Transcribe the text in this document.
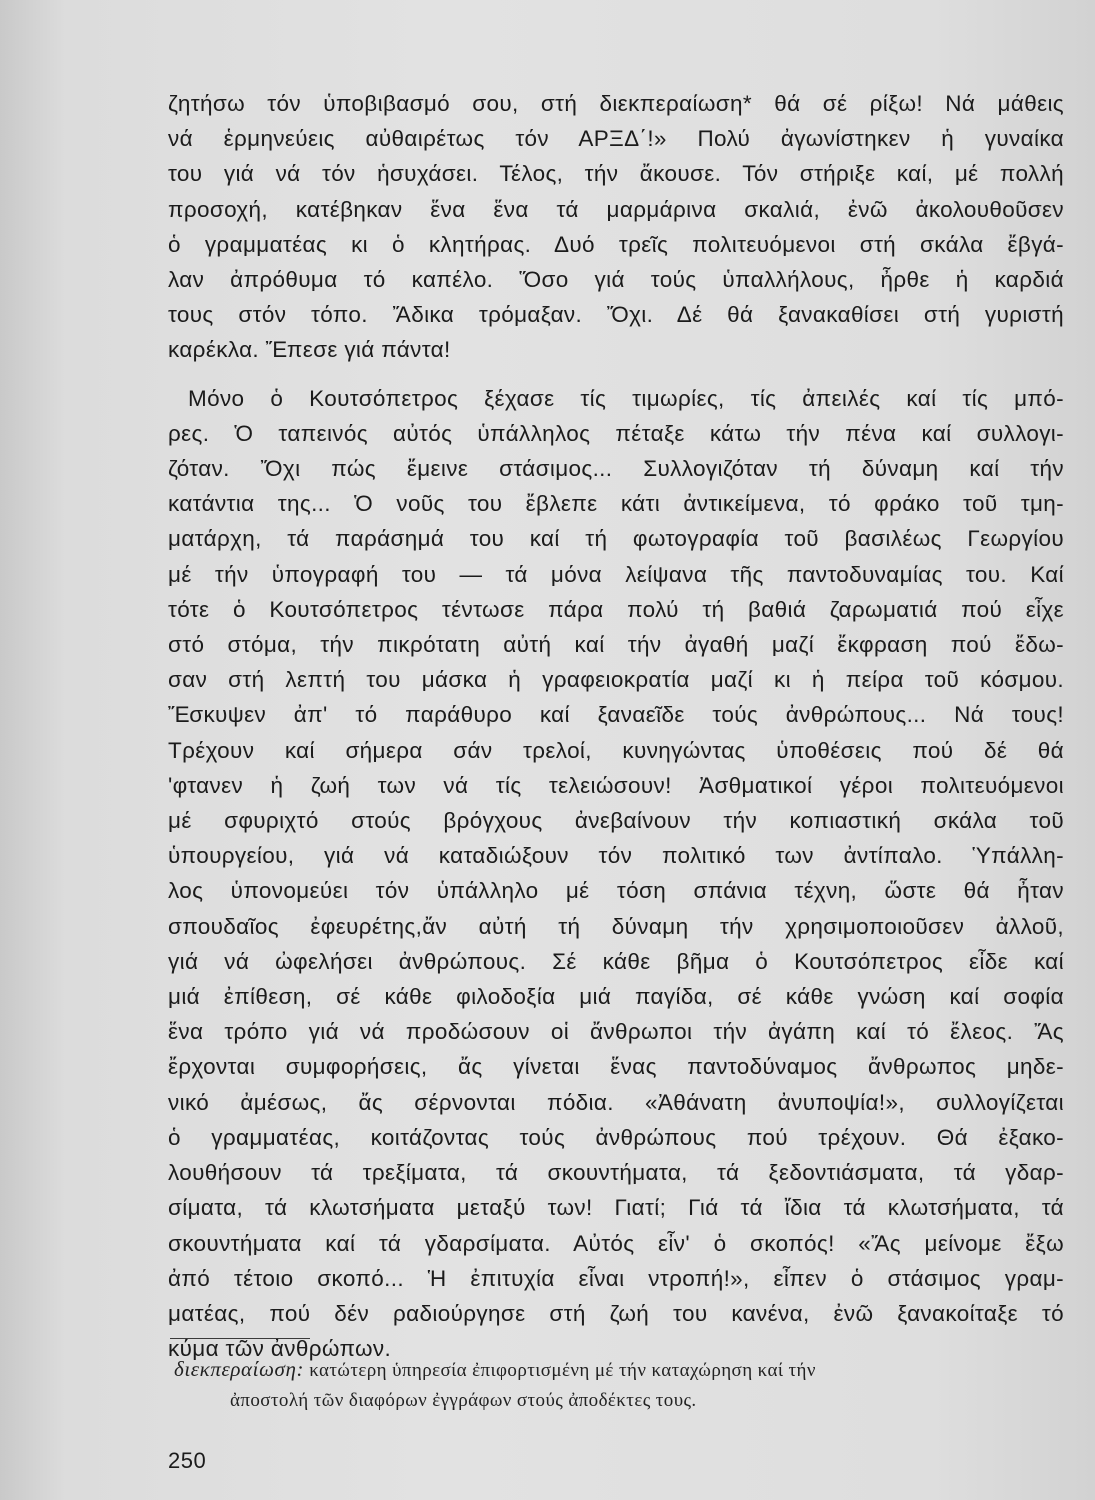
ζητήσω τόν ὑποβιβασμό σου, στή διεκπεραίωση* θά σέ ρίξω! Νά μάθεις
νά ἑρμηνεύεις αὐθαιρέτως τόν ΑΡΞΔ΄!» Πολύ ἀγωνίστηκεν ἡ γυναίκα
του γιά νά τόν ἡσυχάσει. Τέλος, τήν ἄκουσε. Τόν στήριξε καί, μέ πολλή
προσοχή, κατέβηκαν ἕνα ἕνα τά μαρμάρινα σκαλιά, ἐνῶ ἀκολουθοῦσεν
ὁ γραμματέας κι ὁ κλητήρας. Δυό τρεῖς πολιτευόμενοι στή σκάλα ἔβγά-
λαν ἀπρόθυμα τό καπέλο. Ὅσο γιά τούς ὑπαλλήλους, ἦρθε ἡ καρδιά
τους στόν τόπο. Ἄδικα τρόμαξαν. Ὄχι. Δέ θά ξανακαθίσει στή γυριστή
καρέκλα. Ἔπεσε γιά πάντα!
Μόνο ὁ Κουτσόπετρος ξέχασε τίς τιμωρίες, τίς ἀπειλές καί τίς μπό-
ρες. Ὁ ταπεινός αὐτός ὑπάλληλος πέταξε κάτω τήν πένα καί συλλογι-
ζόταν. Ὄχι πώς ἔμεινε στάσιμος... Συλλογιζόταν τή δύναμη καί τήν
κατάντια της... Ὁ νοῦς του ἔβλεπε κάτι ἀντικείμενα, τό φράκο τοῦ τμη-
ματάρχη, τά παράσημά του καί τή φωτογραφία τοῦ βασιλέως Γεωργίου
μέ τήν ὑπογραφή του — τά μόνα λείψανα τῆς παντοδυναμίας του. Καί
τότε ὁ Κουτσόπετρος τέντωσε πάρα πολύ τή βαθιά ζαρωματιά πού εἶχε
στό στόμα, τήν πικρότατη αὐτή καί τήν ἀγαθή μαζί ἔκφραση πού ἔδω-
σαν στή λεπτή του μάσκα ἡ γραφειοκρατία μαζί κι ἡ πείρα τοῦ κόσμου.
Ἔσκυψεν ἀπ' τό παράθυρο καί ξαναεῖδε τούς ἀνθρώπους... Νά τους!
Τρέχουν καί σήμερα σάν τρελοί, κυνηγώντας ὑποθέσεις πού δέ θά
'φτανεν ἡ ζωή των νά τίς τελειώσουν! Ἀσθματικοί γέροι πολιτευόμενοι
μέ σφυριχτό στούς βρόγχους ἀνεβαίνουν τήν κοπιαστική σκάλα τοῦ
ὑπουργείου, γιά νά καταδιώξουν τόν πολιτικό των ἀντίπαλο. Ὑπάλλη-
λος ὑπονομεύει τόν ὑπάλληλο μέ τόση σπάνια τέχνη, ὥστε θά ἦταν
σπουδαῖος ἐφευρέτης,ἄν αὐτή τή δύναμη τήν χρησιμοποιοῦσεν ἀλλοῦ,
γιά νά ὠφελήσει ἀνθρώπους. Σέ κάθε βῆμα ὁ Κουτσόπετρος εἶδε καί
μιά ἐπίθεση, σέ κάθε φιλοδοξία μιά παγίδα, σέ κάθε γνώση καί σοφία
ἕνα τρόπο γιά νά προδώσουν οἱ ἄνθρωποι τήν ἀγάπη καί τό ἔλεος. Ἄς
ἔρχονται συμφορήσεις, ἄς γίνεται ἕνας παντοδύναμος ἄνθρωπος μηδε-
νικό ἀμέσως, ἄς σέρνονται πόδια. «Ἀθάνατη ἀνυποψία!», συλλογίζεται
ὁ γραμματέας, κοιτάζοντας τούς ἀνθρώπους πού τρέχουν. Θά ἐξακο-
λουθήσουν τά τρεξίματα, τά σκουντήματα, τά ξεδοντιάσματα, τά γδαρ-
σίματα, τά κλωτσήματα μεταξύ των! Γιατί; Γιά τά ἴδια τά κλωτσήματα, τά
σκουντήματα καί τά γδαρσίματα. Αὐτός εἶν' ὁ σκοπός! «Ἄς μείνομε ἔξω
ἀπό τέτοιο σκοπό... Ἡ ἐπιτυχία εἶναι ντροπή!», εἶπεν ὁ στάσιμος γραμ-
ματέας, πού δέν ραδιούργησε στή ζωή του κανένα, ἐνῶ ξανακοίταξε τό
κύμα τῶν ἀνθρώπων.
διεκπεραίωση: κατώτερη ὑπηρεσία ἐπιφορτισμένη μέ τήν καταχώρηση καί τήν
ἀποστολή τῶν διαφόρων ἐγγράφων στούς ἀποδέκτες τους.
250
